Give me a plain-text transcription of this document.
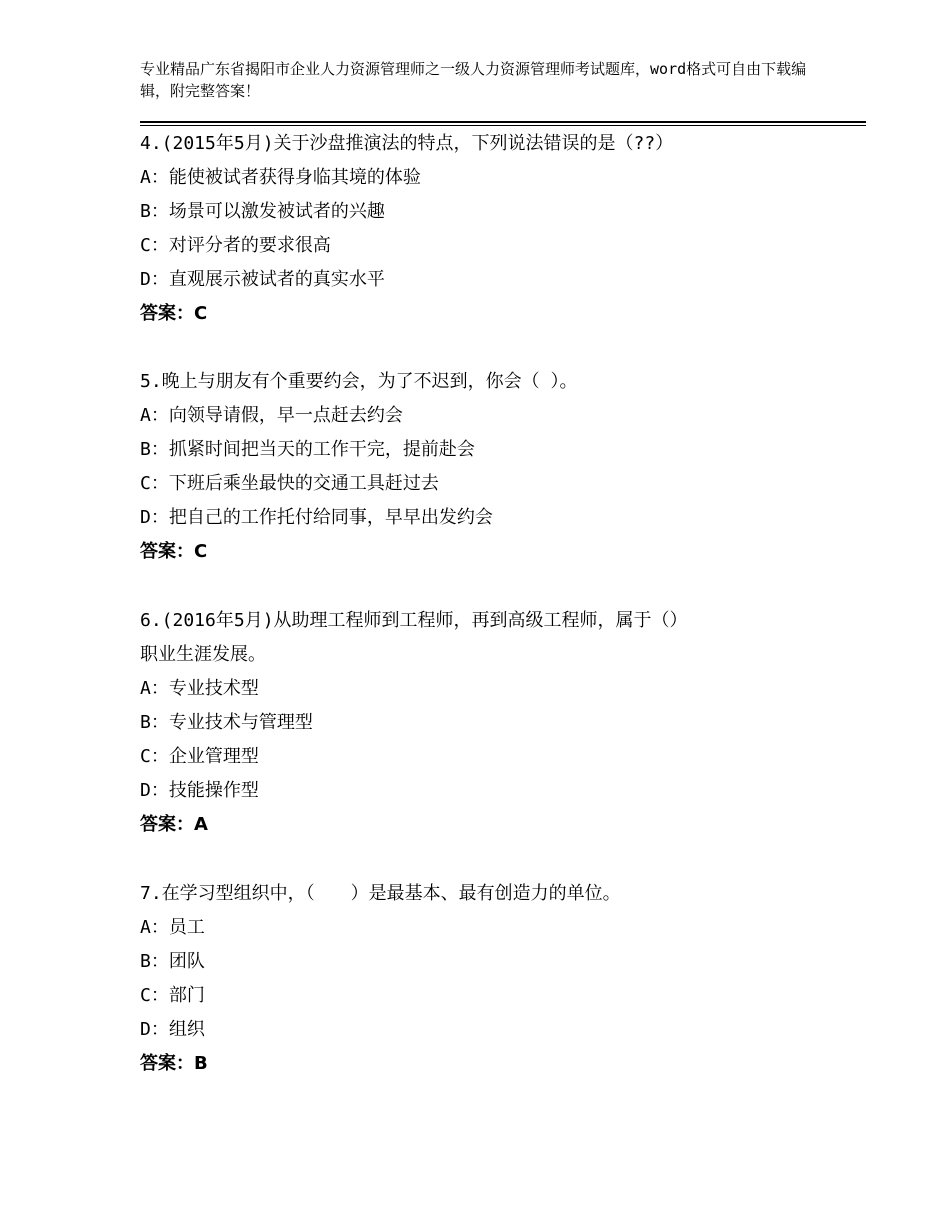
专业精品广东省揭阳市企业人力资源管理师之一级人力资源管理师考试题库，word格式可自由下载编辑，附完整答案！
4.(2015年5月)关于沙盘推演法的特点，下列说法错误的是（??）
A：能使被试者获得身临其境的体验
B：场景可以激发被试者的兴趣
C：对评分者的要求很高
D：直观展示被试者的真实水平
答案：C
5.晚上与朋友有个重要约会，为了不迟到，你会（ ）。
A：向领导请假，早一点赶去约会
B：抓紧时间把当天的工作干完，提前赴会
C：下班后乘坐最快的交通工具赶过去
D：把自己的工作托付给同事，早早出发约会
答案：C
6.(2016年5月)从助理工程师到工程师，再到高级工程师，属于（）
职业生涯发展。
A：专业技术型
B：专业技术与管理型
C：企业管理型
D：技能操作型
答案：A
7.在学习型组织中，（　　）是最基本、最有创造力的单位。
A：员工
B：团队
C：部门
D：组织
答案：B
